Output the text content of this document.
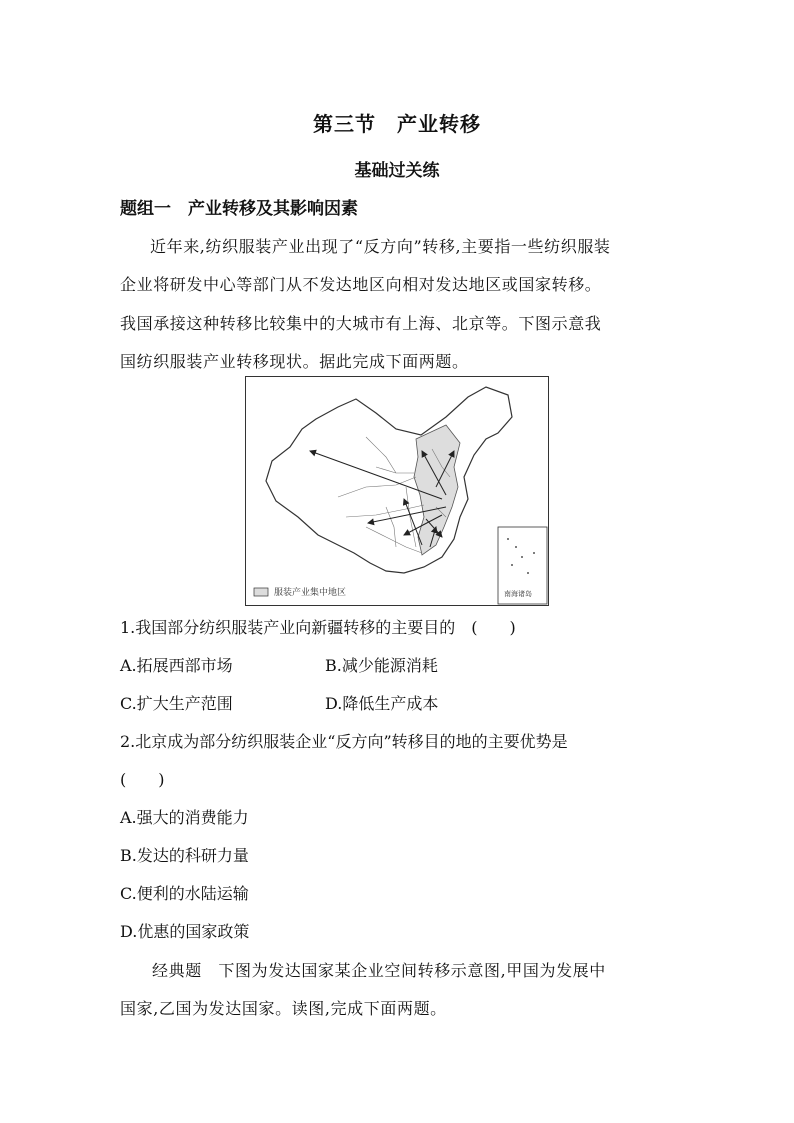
第三节　产业转移
基础过关练
题组一　产业转移及其影响因素
近年来,纺织服装产业出现了“反方向”转移,主要指一些纺织服装
企业将研发中心等部门从不发达地区向相对发达地区或国家转移。
我国承接这种转移比较集中的大城市有上海、北京等。下图示意我
国纺织服装产业转移现状。据此完成下面两题。
服装产业集中地区	南海诸岛
1.我国部分纺织服装产业向新疆转移的主要目的　(　　)
A.拓展西部市场	B.减少能源消耗
C.扩大生产范围	D.降低生产成本
2.北京成为部分纺织服装企业“反方向”转移目的地的主要优势是
(　　)
A.强大的消费能力
B.发达的科研力量
C.便利的水陆运输
D.优惠的国家政策
经典题　下图为发达国家某企业空间转移示意图,甲国为发展中
国家,乙国为发达国家。读图,完成下面两题。
